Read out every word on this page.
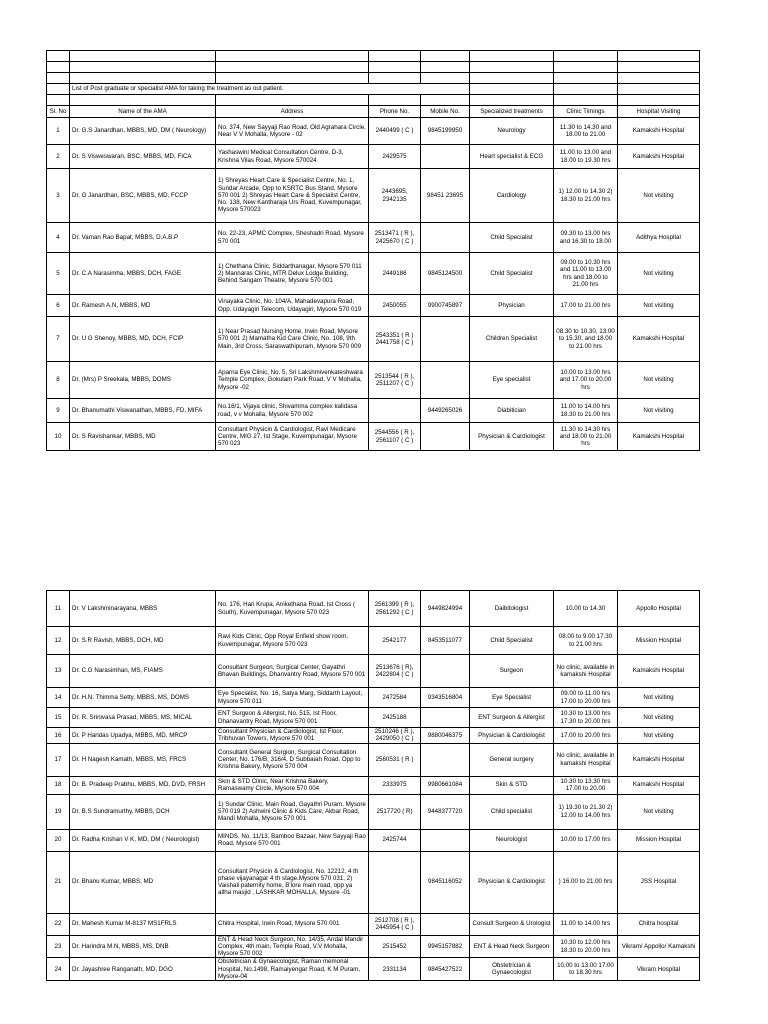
	List of Post graduate or specialist AMA for taking the treatment as out patient.						

Sl. No	Name of the AMA	Address	Phone No.	Mobile No.	Specialized treatments	Clinic Timings	Hospital Visiting
1	Dr. G.S Janardhan, MBBS, MD, DM ( Neurology)	No. 374, New Sayyaji Rao Road, Old Agrahara Circle, Near V V Mohalla, Mysore - 02	2440499 ( C )	9845199950	Neurology	11.30 to 14.30 and 18.00 to 21.00	Kamakshi Hospital
2	Dr. S Visweswaran, BSC, MBBS, MD, FICA	Yashaswini Medical Consultation Centre, D-3, Krishna Vilas Road, Mysore 570024	2429575		Heart specialist & ECG	11.00 to 13.00 and 18.00 to 19.30 hrs	Kamakshi Hospital
3	Dr. G Janardhan, BSC, MBBS, MD, FCCP	1) Shreyas Heart Care & Specialist Centre, No. 1, Sundar Arcade, Opp to KSRTC Bus Stand, Mysore 570 001 2) Shreyas Heart Care & Specialist Centre, No. 138, New Kantharaja Urs Road, Kuvempunagar, Mysore 570023	2443695, 2342135	98451 23695	Cardiology	1) 12.00 to 14.30 2) 18.30 to 21.00 hrs	Not visiting
4	Dr. Vaman Rao Bapat, MBBS, D.A.B.P	No. 22-23, APMC Complex, Sheshadri Road, Mysore 570 001	2513471 ( R ), 2425670 ( C )		Child Specialist	09.30 to 13.00 hrs and 16.30 to 18.00	Adithya Hospital
5	Dr. C.A Narasimha, MBBS, DCH, FAGE	1) Chethana Clinic, Siddarthanagar, Mysore 570 011 2) Mannaras Clinic, MTR Delux Lodge Building, Behind Sangam Theatre, Mysore 570 001	2449186	9845124500	Child Specialist	09.00 to 10.30 hrs and 11.00 to 13.00 hrs and 18.00 to 21.00 hrs	Not visiting
6	Dr. Ramesh A.N, MBBS, MD	Vinayaka Clinic, No. 104/A, Mahadevapura Road, Opp. Udayagiri Telecom, Udayagiri, Mysore 570 019	2450055	9900745897	Physician	17.00 to 21.00 hrs	Not visiting
7	Dr. U G Shenoy, MBBS, MD, DCH, FCIP	1) Near Prasad Nursing Home, Irwin Road, Mysore 570 001 2) Mamatha Kid Care Clinic, No. 108, 9th Main, 3rd Cross, Saraswathipuram, Mysore 570 009	2543351 ( R ) 2441758 ( C )		Children Specialist	08.30 to 10.30, 13.00 to 15.30, and 18.00 to 21.00 hrs	Kamakshi Hospital
8	Dr. (Mrs) P Sreekala, MBBS, DOMS	Aparna Eye Clinic, No. 5, Sri Lakshmivenkateshwara Temple Complex, Gokulam Park Road, V V Mohalla, Mysore -02	2513544 ( R ), 2511207 ( C )		Eye specialist	10.00 to 13.00 hrs and 17.00 to 20.00 hrs	Not visiting
9	Dr. Bhanumathi Viswanathan, MBBS, FD, MIFA	No.16/1, Vijaya clinic, Shivamma complex kalidasa road, v v Mohalla, Mysore 570 002		9449265026	Diabitician	11.00 to 14.00 hrs 18.30 to 21.00 hrs	Not visiting
10	Dr. S Ravishankar, MBBS, MD	Consultant Physicin & Cardiologist, Ravi Medicare Centre, MIG 27, Ist Stage, Kuvempunagar, Mysore 570 023	2544556 ( R ), 2561107 ( C )		Physician & Cardiologist	11.30 to 14.30 hrs and 18.00 to 21.00 hrs	Kamakshi Hospital
11	Dr. V Lakshminarayana, MBBS	No. 176, Hari Krupa, Anikethana Road, Ist Cross ( South), Kuvempunagar, Mysore 570 023	2561399 ( R ), 2561292 ( C )	9449824994	Daibitologist	10.00 to 14.30	Appollo Hospital
12	Dr. S.R Ravish, MBBS, DCH, MD	Ravi Kids Clinic, Opp Royal Enfield show room, Kuvempunagar, Mysore 570 023	2542177	8453511077	Child Specialist	08.00 to 9.00 17.30 to 21.00 hrs	Mission Hospital
13	Dr. C.G Narasimhan, MS, FIAMS	Consultant Surgeon, Surgical Center, Gayathri Bhavan Buildings, Dhanvantry Road, Mysore 570 001	2513676 ( R), 2422804 ( C )		Surgeon	No clinic, available in kamakshi Hospital	Kamakshi Hospital
14	Dr. H.N. Thimma Setty, MBBS, MS, DOMS	Eye Specialist, No. 16, Satya Marg, Siddarth Layout, Mysore 570 011	2472584	9343516804	Eye Specialist	09.00 to 11.00 hrs 17.00 to 20.00 hrs	Not visiting
15	Dr. R. Srinivasa Prasad, MBBS, MS, MICAL	ENT Surgeon & Allergist, No. 515, Ist Floor, Dhanavantry Road, Mysore 570 001	2425188		ENT Surgeon & Allergist	10.30 to 13.00 hrs 17.30 to 20.00 hrs	Not visiting
16	Dr. P Haridas Upadya, MBBS, MD, MRCP	Consultant Physician & Cardiologist, Ist Floor, Tribhuvan Towers, Mysore 570 001	2510246 ( R ), 2429050 ( C )	9880046375	Physician & Cardiologist	17.00 to 20.00 hrs	Not visiting
17	Dr. H Nagesh Kamath, MBBS, MS, FRCS	Consultant General Surgion, Surgical Consultation Center, No. 176/B, 316/4, D Subbaiah Road. Opp to Krishna Bakery, Mysore 570 004	2560531 ( R )		General surgery	No clinic, available in kamakshi Hospital	Kamakshi Hospital
18	Dr. B. Pradeep Prabhu, MBBS, MD, DVD, FRSH	Skin & STD Clinic, Near Krishna Bakery, Ramaswamy Circle, Mysore 570 004	2333975	9980661084	Skin & STD	10.30 to 13.30 hrs 17.00 to 20.00	Kamakshi Hospital
19	Dr. B.S Sundramurthy, MBBS, DCH	1) Sundar Clinic, Main Road, Gayathri Puram, Mysore 570 019 2) Ashwini Clinic & Kids Care, Akbar Road, Mandi Mohalla, Mysore 570 001	2517720 ( R)	9448377720	Child specialist	1) 19.30 to 21.30 2) 12.00 to 14.00 hrs	Not visiting
20	Dr. Radha Krishan V K, MD, DM ( Neurologist)	MINDS. No. 11/13, Bamboo Bazaar, New Sayyaji Rao Road, Mysore 570 001	2425744		Neurologist	10.00 to 17.00 hrs	Mission Hospital
21	Dr. Bhanu Kumar, MBBS, MD	Consultant Physicin & Cardiologist, No. 12212, 4 th phase vijayanagar 4 th stage.Mysore 570 031, 2) Vaishali paternity home, B'lore main road, opp ya allha masjid , LASHKAR MOHALLA, Mysore -01		9845116052	Physician & Cardiologist	) 16.00 to 21.00 hrs	JSS Hospital
22	Dr. Mahesh Kumar M-8137 MS1FRLS	Chitra Hospital, Irwin Road, Mysore 570 001	2512708 ( R ), 2445954 ( C )		Consult Surgeon & Urologist	11.00 to 14.00 hrs	Chitra hospital
23	Dr. Harindra M.N, MBBS, MS, DNB	ENT & Head Neck Surgeon, No. 14/35, Andal Mandir Complex, 4th main, Temple Road, V.V Mohalla, Mysore 570 002	2515452	9945157882	ENT & Head Neck Surgeon	10.30 to 12.00 hrs 18.30 to 20.00 hrs	Vikram/ Appollo/ Kamakshi
24	Dr. Jayashree Ranganath, MD, DGO	Obstetrician & Gynaecologist, Raman memorial Hospital, No.1498, Ramaiyengar Road, K M Puram, Mysore-04	2331134	9845427522	Obstetrician & Gynaecologist	10.00 to 13.00 17.00 to 18.30 hrs	Vikram Hospital
